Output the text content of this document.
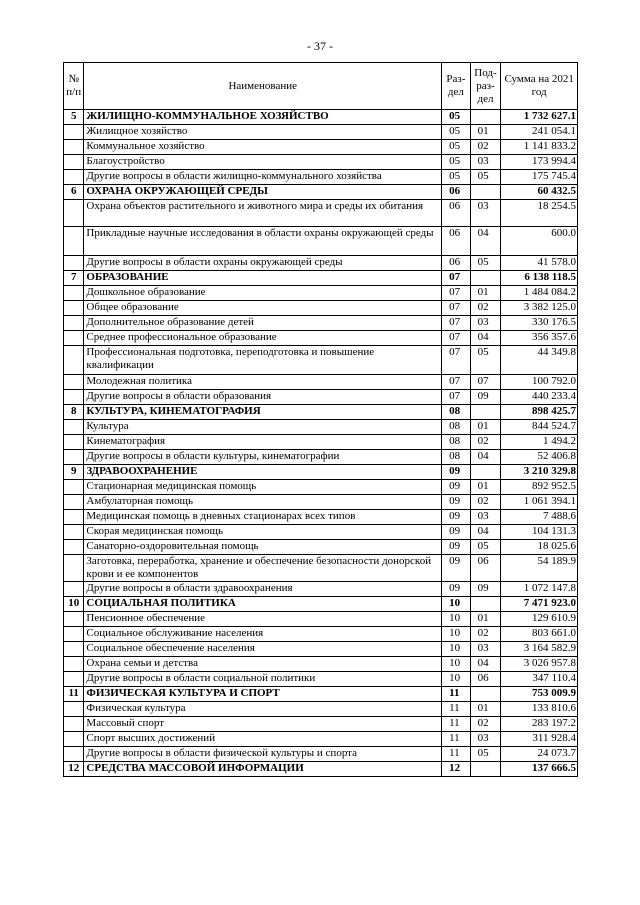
- 37 -
№ п/п	Наименование	Раз-дел	Под-раз-дел	Сумма на 2021 год
5	ЖИЛИЩНО-КОММУНАЛЬНОЕ ХОЗЯЙСТВО	05		1 732 627.1
	Жилищное хозяйство	05	01	241 054.1
	Коммунальное хозяйство	05	02	1 141 833.2
	Благоустройство	05	03	173 994.4
	Другие вопросы в области жилищно-коммунального хозяйства	05	05	175 745.4
6	ОХРАНА ОКРУЖАЮЩЕЙ СРЕДЫ	06		60 432.5
	Охрана объектов растительного и животного мира и среды их обитания	06	03	18 254.5
	Прикладные научные исследования в области охраны окружающей среды	06	04	600.0
	Другие вопросы в области охраны окружающей среды	06	05	41 578.0
7	ОБРАЗОВАНИЕ	07		6 138 118.5
	Дошкольное образование	07	01	1 484 084.2
	Общее образование	07	02	3 382 125.0
	Дополнительное образование детей	07	03	330 176.5
	Среднее профессиональное образование	07	04	356 357.6
	Профессиональная подготовка, переподготовка и повышение квалификации	07	05	44 349.8
	Молодежная политика	07	07	100 792.0
	Другие вопросы в области образования	07	09	440 233.4
8	КУЛЬТУРА, КИНЕМАТОГРАФИЯ	08		898 425.7
	Культура	08	01	844 524.7
	Кинематография	08	02	1 494.2
	Другие вопросы в области культуры, кинематографии	08	04	52 406.8
9	ЗДРАВООХРАНЕНИЕ	09		3 210 329.8
	Стационарная медицинская помощь	09	01	892 952.5
	Амбулаторная помощь	09	02	1 061 394.1
	Медицинская помощь в дневных стационарах всех типов	09	03	7 488.6
	Скорая медицинская помощь	09	04	104 131.3
	Санаторно-оздоровительная помощь	09	05	18 025.6
	Заготовка, переработка, хранение и обеспечение безопасности донорской крови и ее компонентов	09	06	54 189.9
	Другие вопросы в области здравоохранения	09	09	1 072 147.8
10	СОЦИАЛЬНАЯ ПОЛИТИКА	10		7 471 923.0
	Пенсионное обеспечение	10	01	129 610.9
	Социальное обслуживание населения	10	02	803 661.0
	Социальное обеспечение населения	10	03	3 164 582.9
	Охрана семьи и детства	10	04	3 026 957.8
	Другие вопросы в области социальной политики	10	06	347 110.4
11	ФИЗИЧЕСКАЯ КУЛЬТУРА И СПОРТ	11		753 009.9
	Физическая культура	11	01	133 810.6
	Массовый спорт	11	02	283 197.2
	Спорт высших достижений	11	03	311 928.4
	Другие вопросы в области физической культуры и спорта	11	05	24 073.7
12	СРЕДСТВА МАССОВОЙ ИНФОРМАЦИИ	12		137 666.5
